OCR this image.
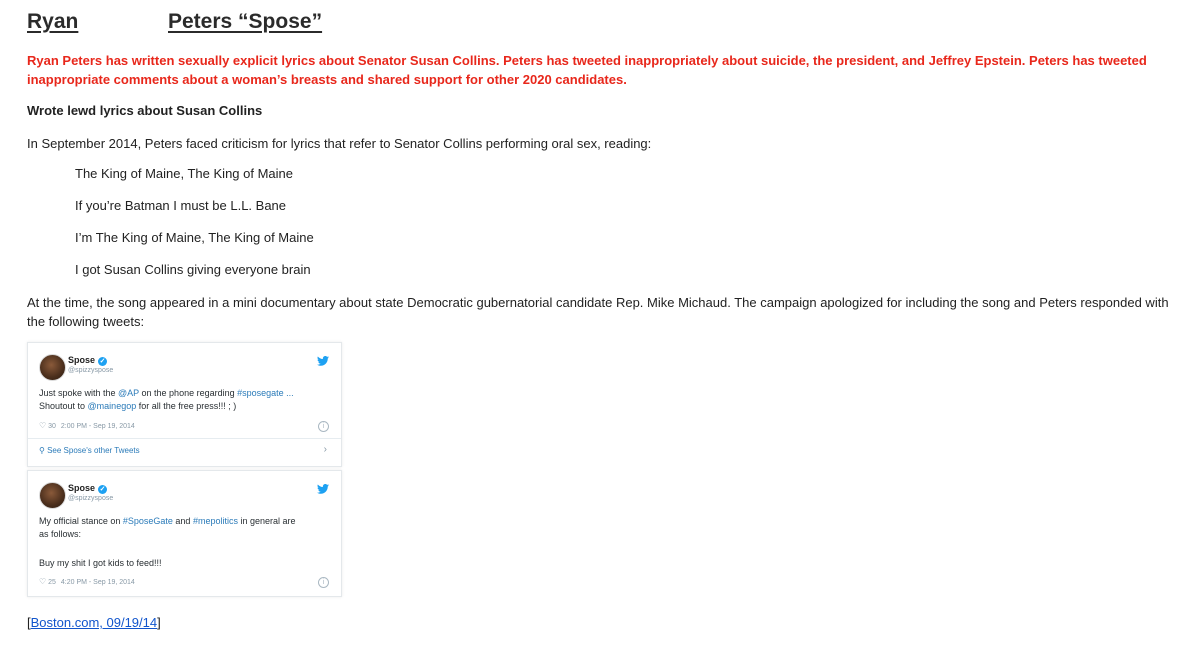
Ryan	Peters “Spose”
Ryan Peters has written sexually explicit lyrics about Senator Susan Collins. Peters has tweeted inappropriately about suicide, the president, and Jeffrey Epstein. Peters has tweeted inappropriate comments about a woman’s breasts and shared support for other 2020 candidates.
Wrote lewd lyrics about Susan Collins
In September 2014, Peters faced criticism for lyrics that refer to Senator Collins performing oral sex, reading:
The King of Maine, The King of Maine
If you’re Batman I must be L.L. Bane
I’m The King of Maine, The King of Maine
I got Susan Collins giving everyone brain
At the time, the song appeared in a mini documentary about state Democratic gubernatorial candidate Rep. Mike Michaud. The campaign apologized for including the song and Peters responded with the following tweets:
Spose ✓
@spizzyspose
Just spoke with the @AP on the phone regarding #sposegate ...
Shoutout to @mainegop for all the free press!!! ; )
♡ 30 2:00 PM - Sep 19, 2014	i
⚲ See Spose's other Tweets	›
Spose ✓
@spizzyspose
My official stance on #SposeGate and #mepolitics in general are
as follows:
Buy my shit I got kids to feed!!!
♡ 25 4:20 PM - Sep 19, 2014	i
[Boston.com, 09/19/14]
